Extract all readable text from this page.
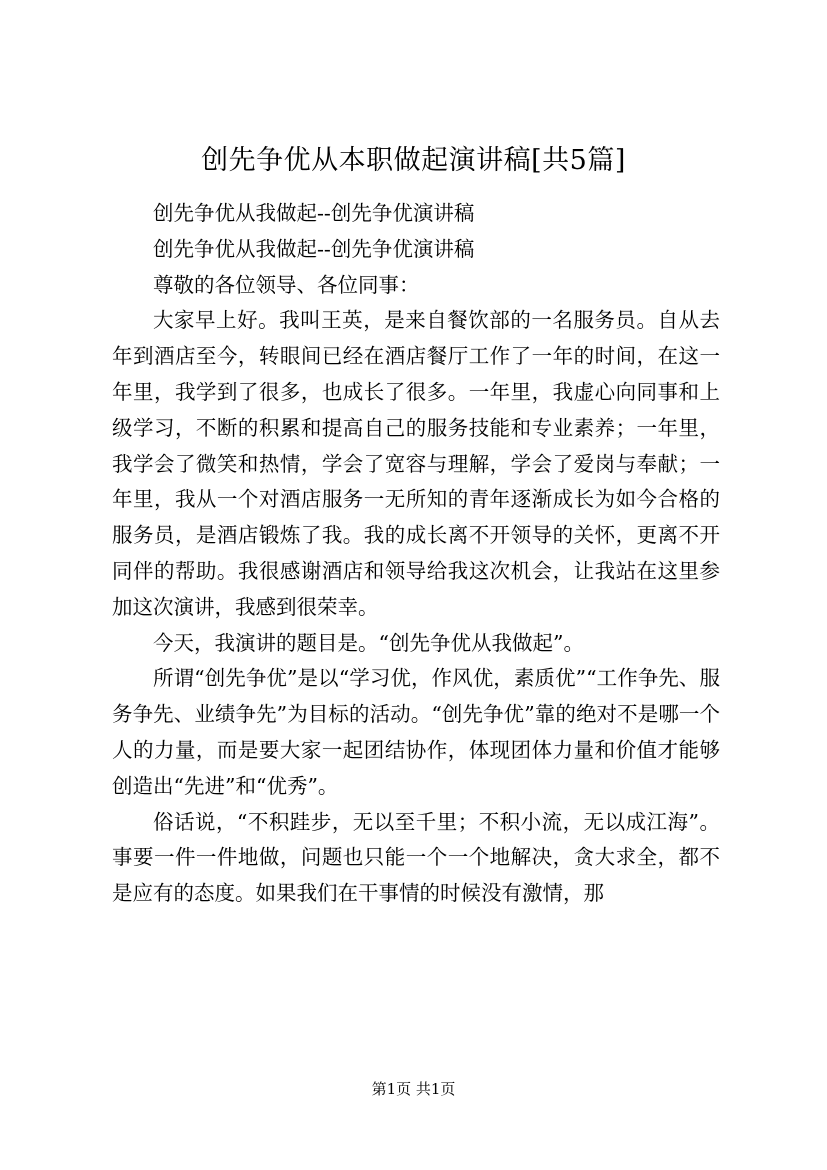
创先争优从本职做起演讲稿[共5篇]

创先争优从我做起--创先争优演讲稿

创先争优从我做起--创先争优演讲稿

尊敬的各位领导、各位同事：

大家早上好。我叫王英，是来自餐饮部的一名服务员。自从去年到酒店至今，转眼间已经在酒店餐厅工作了一年的时间，在这一年里，我学到了很多，也成长了很多。一年里，我虚心向同事和上级学习，不断的积累和提高自己的服务技能和专业素养；一年里，我学会了微笑和热情，学会了宽容与理解，学会了爱岗与奉献；一年里，我从一个对酒店服务一无所知的青年逐渐成长为如今合格的服务员，是酒店锻炼了我。我的成长离不开领导的关怀，更离不开同伴的帮助。我很感谢酒店和领导给我这次机会，让我站在这里参加这次演讲，我感到很荣幸。

今天，我演讲的题目是。“创先争优从我做起”。

所谓“创先争优”是以“学习优，作风优，素质优”“工作争先、服务争先、业绩争先”为目标的活动。“创先争优”靠的绝对不是哪一个人的力量，而是要大家一起团结协作，体现团体力量和价值才能够创造出“先进”和“优秀”。

俗话说，“不积跬步，无以至千里；不积小流，无以成江海”。事要一件一件地做，问题也只能一个一个地解决，贪大求全，都不是应有的态度。如果我们在干事情的时候没有激情，那

第1页 共1页
